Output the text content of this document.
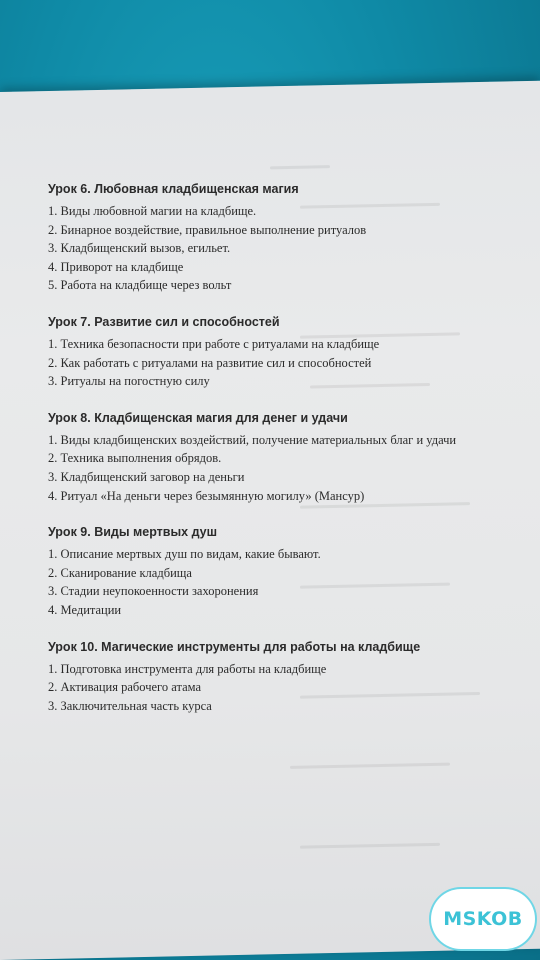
Урок 6. Любовная кладбищенская магия

1. Виды любовной магии на кладбище.

2. Бинарное воздействие, правильное выполнение ритуалов

3. Кладбищенский вызов, егильет.

4. Приворот на кладбище

5. Работа на кладбище через вольт

Урок 7. Развитие сил и способностей

1. Техника безопасности при работе с ритуалами на кладбище

2. Как работать с ритуалами на развитие сил и способностей

3. Ритуалы на погостную силу

Урок 8. Кладбищенская магия для денег и удачи

1. Виды кладбищенских воздействий, получение материальных благ и удачи

2. Техника выполнения обрядов.

3. Кладбищенский заговор на деньги

4. Ритуал «На деньги через безымянную могилу» (Мансур)

Урок 9. Виды мертвых душ

1. Описание мертвых душ по видам, какие бывают.

2. Сканирование кладбища

3. Стадии неупокоенности захоронения

4. Медитации

Урок 10. Магические инструменты для работы на кладбище

1. Подготовка инструмента для работы на кладбище

2. Активация рабочего атама

3. Заключительная часть курса

MSKOB
